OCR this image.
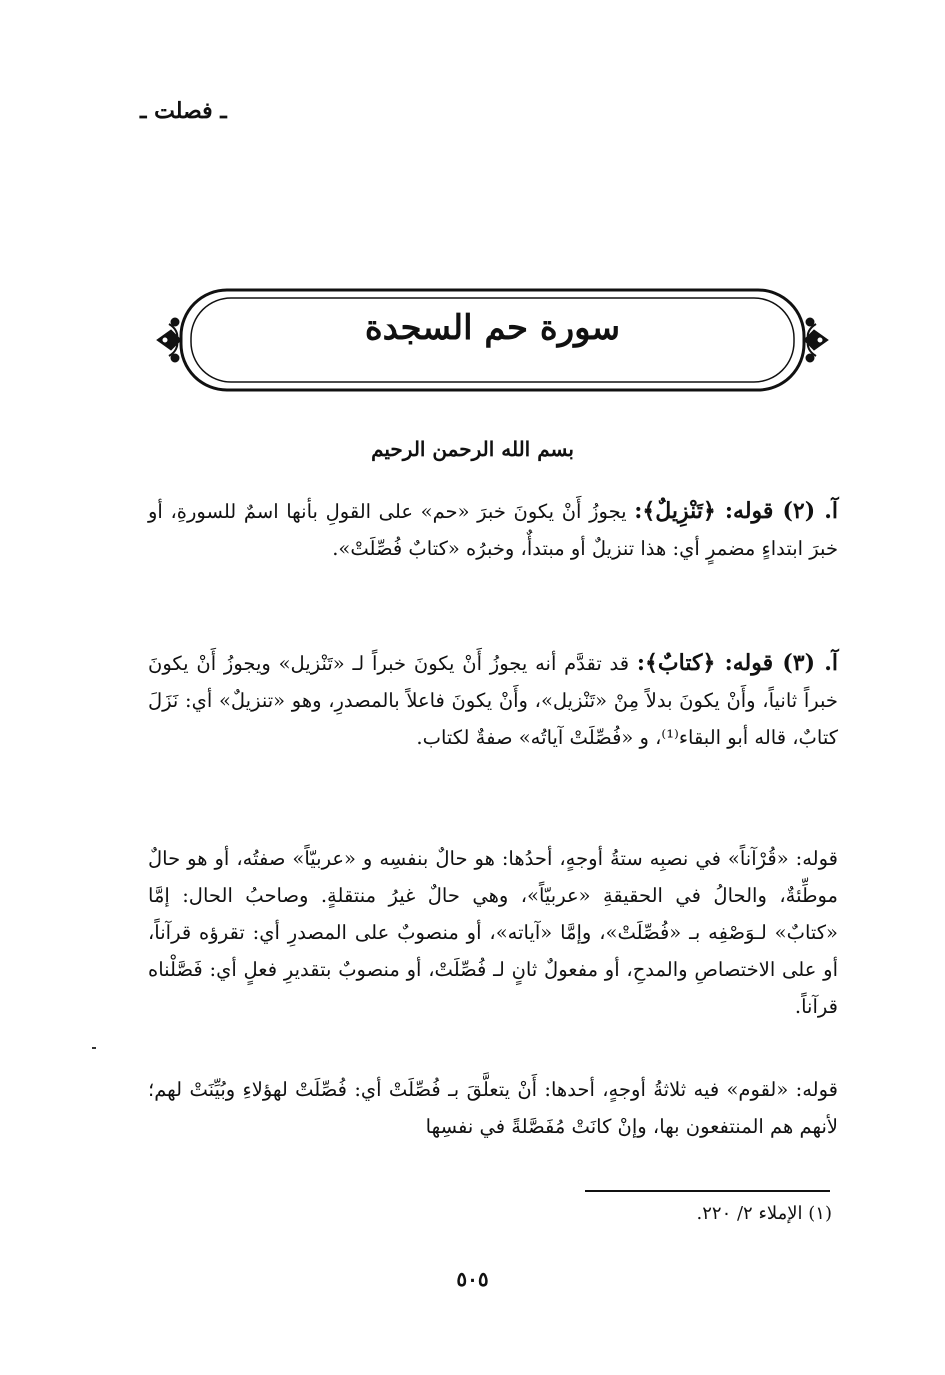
ـ فصلت ـ
سورة حم السجدة
بسم الله الرحمن الرحيم
آ. (٢) قوله: ﴿تَنْزِيلٌ﴾: يجوزُ أَنْ يكونَ خبرَ «حم» على القولِ بأنها اسمٌ للسورةِ، أو خبرَ ابتداءٍ مضمرٍ أي: هذا تنزيلٌ أو مبتدأٌ، وخبرُه «كتابٌ فُصِّلَتْ».
آ. (٣) قوله: ﴿كتابٌ﴾: قد تقدَّم أنه يجوزُ أَنْ يكونَ خبراً لـ «تَنْزيل» ويجوزُ أَنْ يكونَ خبراً ثانياً، وأَنْ يكونَ بدلاً مِنْ «تَنْزيل»، وأَنْ يكونَ فاعلاً بالمصدرِ، وهو «تنزيلٌ» أي: نَزَلَ كتابٌ، قاله أبو البقاء⁽¹⁾، و «فُصِّلَتْ آياتُه» صفةٌ لكتاب.
قوله: «قُرْآناً» في نصبِه ستةُ أوجهٍ، أحدُها: هو حالٌ بنفسِه و «عربيّاً» صفتُه، أو هو حالٌ موطِّئةٌ، والحالُ في الحقيقةِ «عربيّاً»، وهي حالٌ غيرُ منتقلةٍ. وصاحبُ الحال: إمَّا «كتابٌ» لـوَصْفِه بـ «فُصِّلَتْ»، وإمَّا «آياته»، أو منصوبٌ على المصدرِ أي: تقرؤه قرآناً، أو على الاختصاصِ والمدحِ، أو مفعولٌ ثانٍ لـ فُصِّلَتْ، أو منصوبٌ بتقديرِ فعلٍ أي: فَصَّلْناه قرآناً.
قوله: «لقوم» فيه ثلاثةُ أوجهٍ، أحدها: أَنْ يتعلَّقَ بـ فُصِّلَتْ أي: فُصِّلَتْ لهؤلاءِ وبُيِّنَتْ لهم؛ لأنهم هم المنتفعون بها، وإنْ كانَتْ مُفَصَّلةً في نفسِها
(١) الإملاء ٢/ ٢٢٠.
٥٠٥
